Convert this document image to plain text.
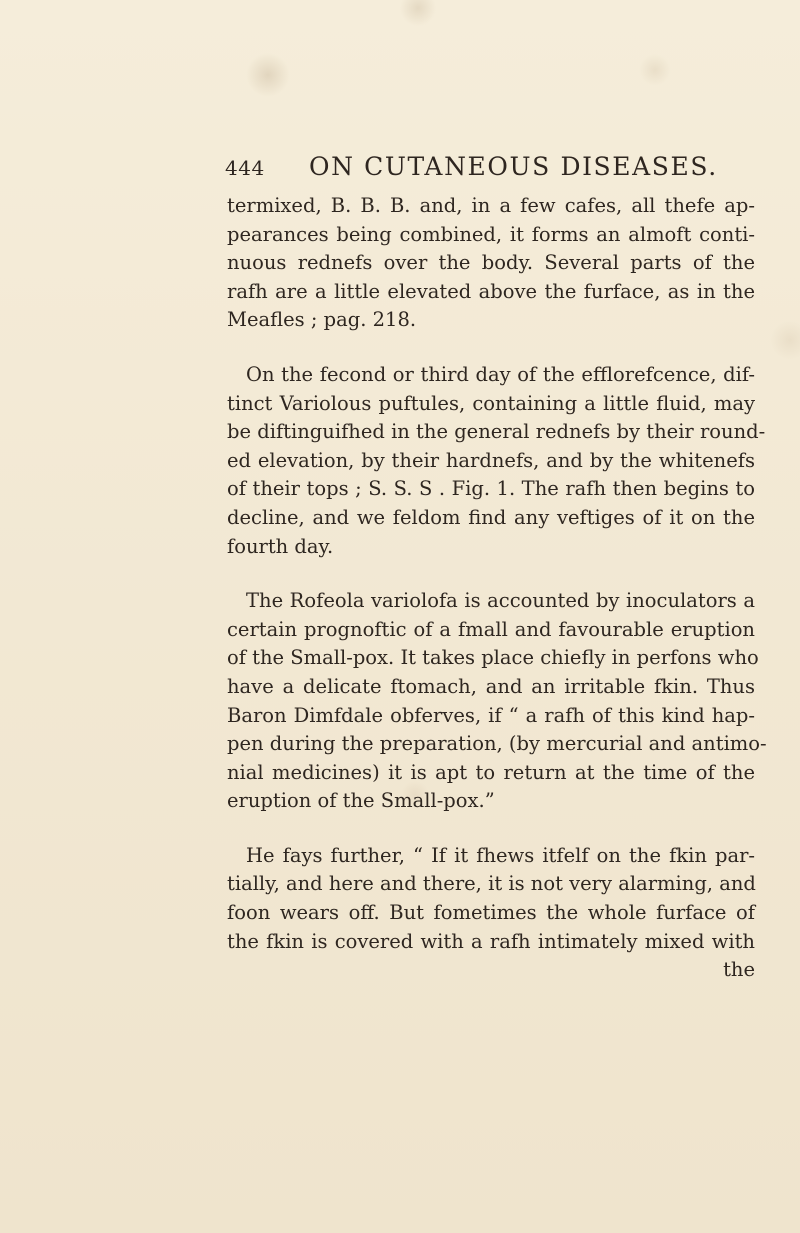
444 ON CUTANEOUS DISEASES.
termixed, B. B. B. and, in a few cafes, all thefe ap-
pearances being combined, it forms an almoft conti-
nuous rednefs over the body. Several parts of the
rafh are a little elevated above the furface, as in the
Meafles ; pag. 218.
On the fecond or third day of the efflorefcence, dif-
tinct Variolous puftules, containing a little fluid, may
be diftinguifhed in the general rednefs by their round-
ed elevation, by their hardnefs, and by the whitenefs
of their tops ; S. S. S . Fig. 1. The rafh then begins to
decline, and we feldom find any veftiges of it on the
fourth day.
The Rofeola variolofa is accounted by inoculators a
certain prognoftic of a fmall and favourable eruption
of the Small-pox. It takes place chiefly in perfons who
have a delicate ftomach, and an irritable fkin. Thus
Baron Dimfdale obferves, if “ a rafh of this kind hap-
pen during the preparation, (by mercurial and antimo-
nial medicines) it is apt to return at the time of the
eruption of the Small-pox.”
He fays further, “ If it fhews itfelf on the fkin par-
tially, and here and there, it is not very alarming, and
foon wears off. But fometimes the whole furface of
the fkin is covered with a rafh intimately mixed with
the
